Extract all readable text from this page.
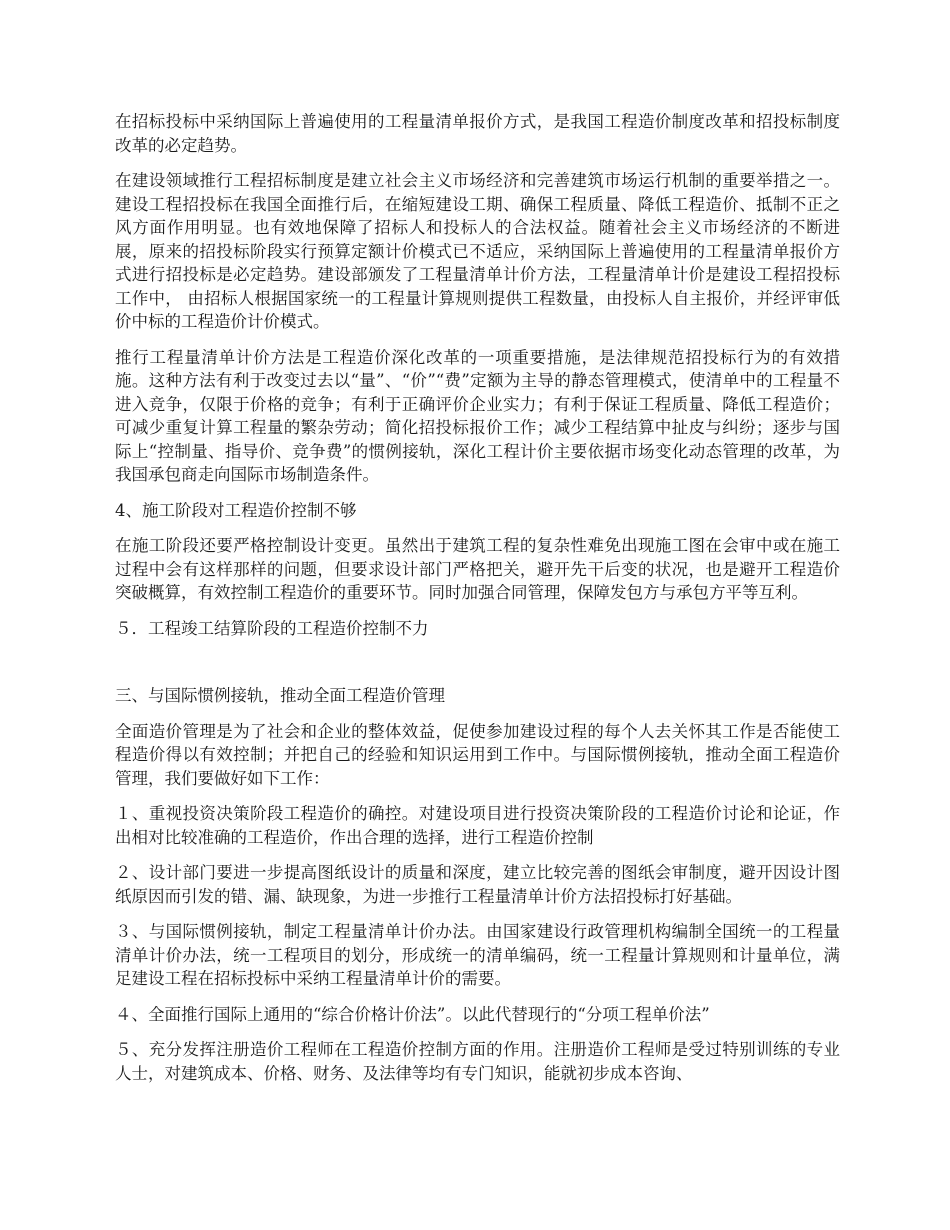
在招标投标中采纳国际上普遍使用的工程量清单报价方式，是我国工程造价制度改革和招投标制度改革的必定趋势。

在建设领域推行工程招标制度是建立社会主义市场经济和完善建筑市场运行机制的重要举措之一。建设工程招投标在我国全面推行后，在缩短建设工期、确保工程质量、降低工程造价、抵制不正之风方面作用明显。也有效地保障了招标人和投标人的合法权益。随着社会主义市场经济的不断进展，原来的招投标阶段实行预算定额计价模式已不适应，采纳国际上普遍使用的工程量清单报价方式进行招投标是必定趋势。建设部颁发了工程量清单计价方法，工程量清单计价是建设工程招投标工作中， 由招标人根据国家统一的工程量计算规则提供工程数量，由投标人自主报价，并经评审低价中标的工程造价计价模式。

推行工程量清单计价方法是工程造价深化改革的一项重要措施，是法律规范招投标行为的有效措施。这种方法有利于改变过去以“量”、“价”“费”定额为主导的静态管理模式，使清单中的工程量不进入竞争，仅限于价格的竞争；有利于正确评价企业实力；有利于保证工程质量、降低工程造价；可减少重复计算工程量的繁杂劳动；简化招投标报价工作；减少工程结算中扯皮与纠纷；逐步与国际上“控制量、指导价、竞争费”的惯例接轨，深化工程计价主要依据市场变化动态管理的改革，为我国承包商走向国际市场制造条件。

4、施工阶段对工程造价控制不够

在施工阶段还要严格控制设计变更。虽然出于建筑工程的复杂性难免出现施工图在会审中或在施工过程中会有这样那样的问题，但要求设计部门严格把关，避开先干后变的状况，也是避开工程造价突破概算，有效控制工程造价的重要环节。同时加强合同管理，保障发包方与承包方平等互利。

５．工程竣工结算阶段的工程造价控制不力

三、与国际惯例接轨，推动全面工程造价管理

全面造价管理是为了社会和企业的整体效益，促使参加建设过程的每个人去关怀其工作是否能使工程造价得以有效控制；并把自己的经验和知识运用到工作中。与国际惯例接轨，推动全面工程造价管理，我们要做好如下工作：

１、重视投资决策阶段工程造价的确控。对建设项目进行投资决策阶段的工程造价讨论和论证，作出相对比较准确的工程造价，作出合理的选择，进行工程造价控制

２、设计部门要进一步提高图纸设计的质量和深度，建立比较完善的图纸会审制度，避开因设计图纸原因而引发的错、漏、缺现象，为进一步推行工程量清单计价方法招投标打好基础。

３、与国际惯例接轨，制定工程量清单计价办法。由国家建设行政管理机构编制全国统一的工程量清单计价办法，统一工程项目的划分，形成统一的清单编码，统一工程量计算规则和计量单位，满足建设工程在招标投标中采纳工程量清单计价的需要。

４、全面推行国际上通用的“综合价格计价法”。以此代替现行的“分项工程单价法”

５、充分发挥注册造价工程师在工程造价控制方面的作用。注册造价工程师是受过特别训练的专业人士，对建筑成本、价格、财务、及法律等均有专门知识，能就初步成本咨询、
